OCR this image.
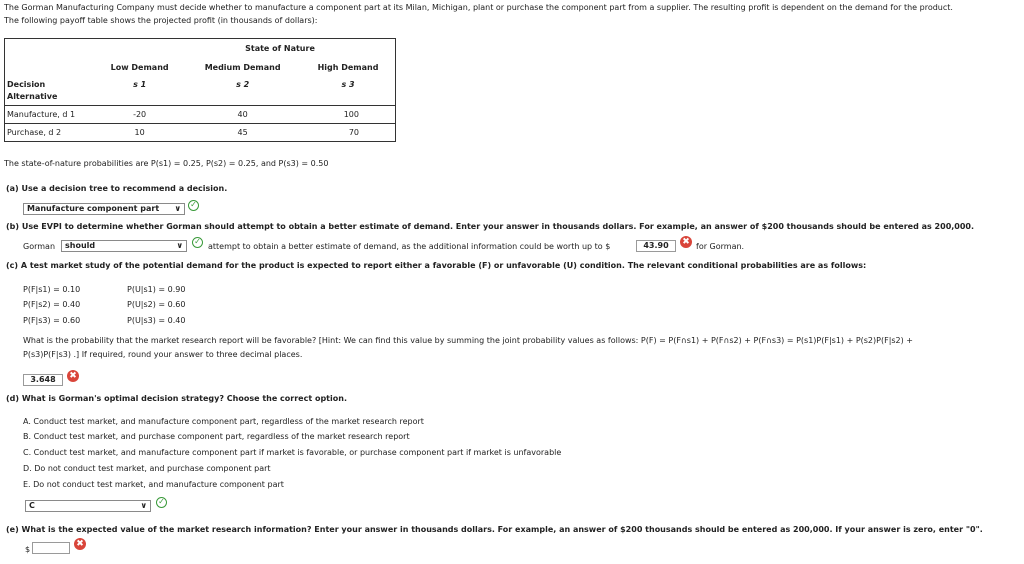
The Gorman Manufacturing Company must decide whether to manufacture a component part at its Milan, Michigan, plant or purchase the component part from a supplier. The resulting profit is dependent on the demand for the product.
The following payoff table shows the projected profit (in thousands of dollars):
	State of Nature		
	Low Demand	Medium Demand	High Demand
Decision	s 1	s 2	s 3
Alternative			
Manufacture, d 1	-20	40	100
Purchase, d 2	10	45	70
The state-of-nature probabilities are P(s1) = 0.25, P(s2) = 0.25, and P(s3) = 0.50
(a) Use a decision tree to recommend a decision.
Manufacture component part ∨ ✓
(b) Use EVPI to determine whether Gorman should attempt to obtain a better estimate of demand. Enter your answer in thousands dollars. For example, an answer of $200 thousands should be entered as 200,000.
Gorman	should	∨ ✓
attempt to obtain a better estimate of demand, as the additional information could be worth up to $	43.90	✖ for Gorman.
(c) A test market study of the potential demand for the product is expected to report either a favorable (F) or unfavorable (U) condition. The relevant conditional probabilities are as follows:
P(F|s1) = 0.10
P(F|s2) = 0.40
P(F|s3) = 0.60
P(U|s1) = 0.90
P(U|s2) = 0.60
P(U|s3) = 0.40
What is the probability that the market research report will be favorable? [Hint: We can find this value by summing the joint probability values as follows: P(F) = P(F∩s1) + P(F∩s2) + P(F∩s3) = P(s1)P(F|s1) + P(s2)P(F|s2) +
P(s3)P(F|s3) .] If required, round your answer to three decimal places.
3.648	✖
(d) What is Gorman's optimal decision strategy? Choose the correct option.
A. Conduct test market, and manufacture component part, regardless of the market research report
B. Conduct test market, and purchase component part, regardless of the market research report
C. Conduct test market, and manufacture component part if market is favorable, or purchase component part if market is unfavorable
D. Do not conduct test market, and purchase component part
E. Do not conduct test market, and manufacture component part
C	∨ ✓
(e) What is the expected value of the market research information? Enter your answer in thousands dollars. For example, an answer of $200 thousands should be entered as 200,000. If your answer is zero, enter "0".
$
✖
